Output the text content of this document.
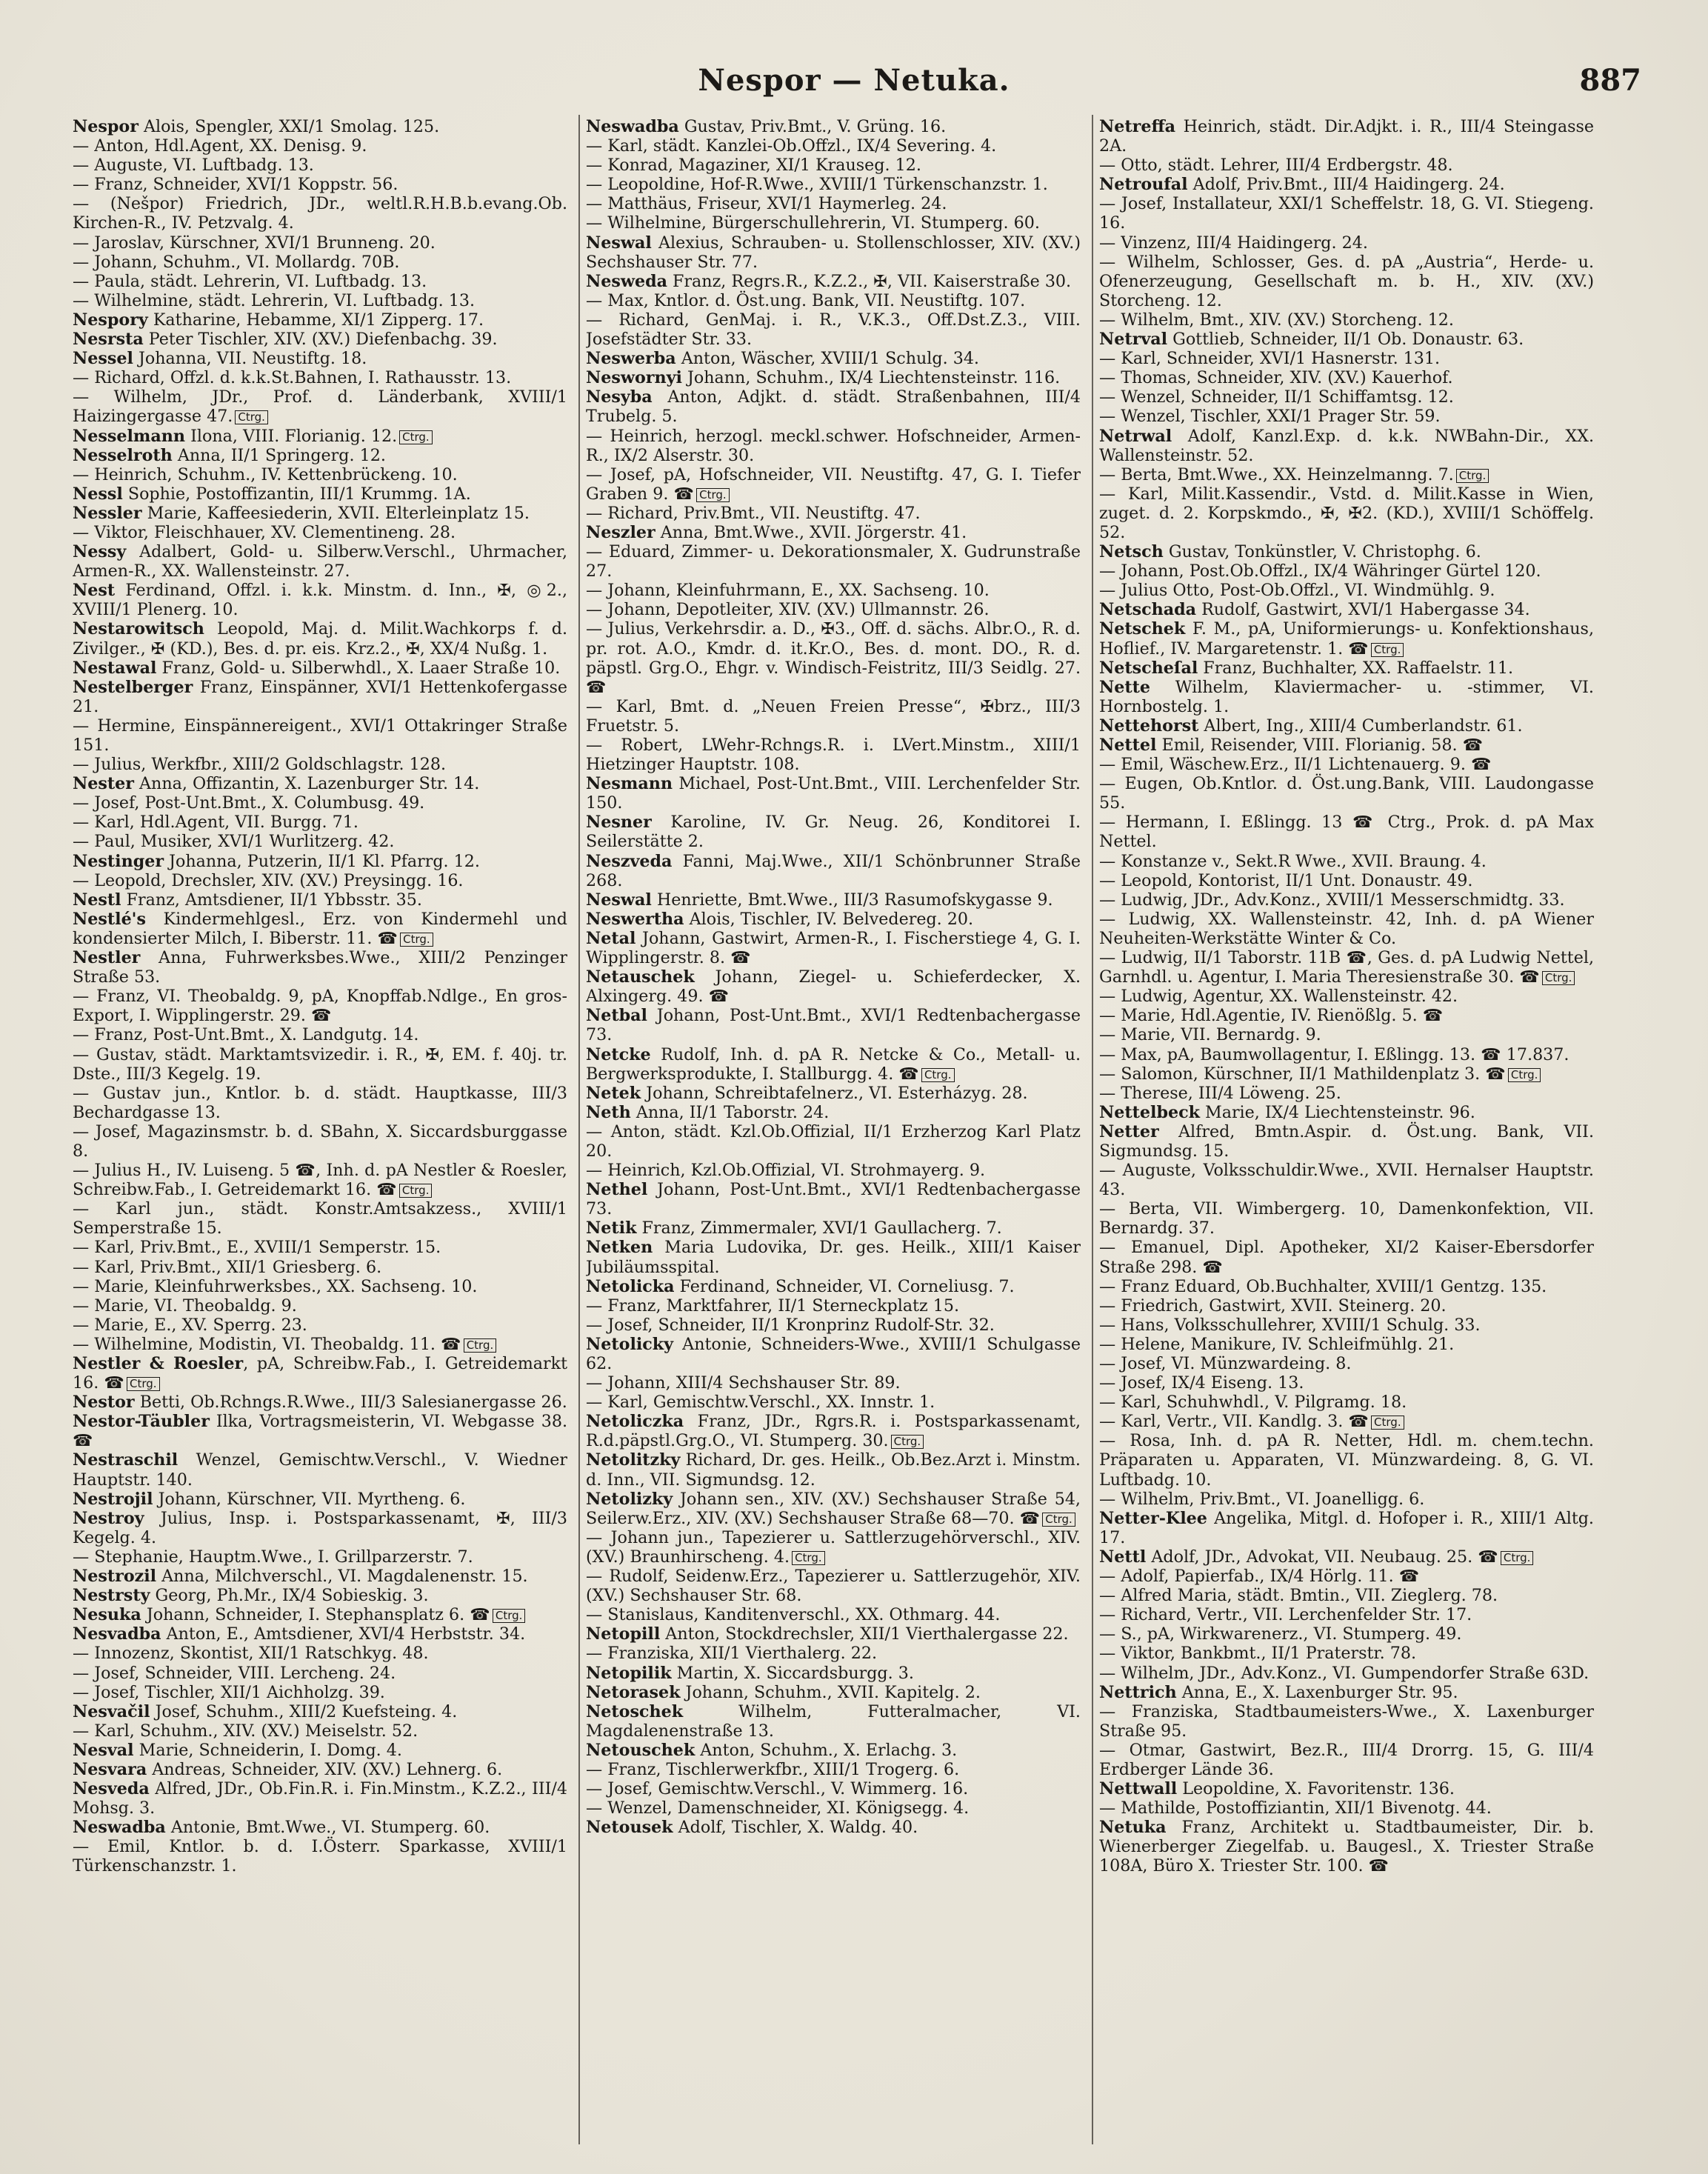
Nespor — Netuka.	887

Nespor Alois, Spengler, XXI/1 Smolag. 125.

— Anton, Hdl.Agent, XX. Denisg. 9.

— Auguste, VI. Luftbadg. 13.

— Franz, Schneider, XVI/1 Koppstr. 56.

— (Nešpor) Friedrich, JDr., weltl.R.H.B.b.evang.Ob. Kirchen-R., IV. Petzvalg. 4.

— Jaroslav, Kürschner, XVI/1 Brunneng. 20.

— Johann, Schuhm., VI. Mollardg. 70B.

— Paula, städt. Lehrerin, VI. Luftbadg. 13.

— Wilhelmine, städt. Lehrerin, VI. Luftbadg. 13.

Nespory Katharine, Hebamme, XI/1 Zipperg. 17.

Nesrsta Peter Tischler, XIV. (XV.) Diefenbachg. 39.

Nessel Johanna, VII. Neustiftg. 18.

— Richard, Offzl. d. k.k.St.Bahnen, I. Rathausstr. 13.

— Wilhelm, JDr., Prof. d. Länderbank, XVIII/1 Haizingergasse 47. Ctrg.

Nesselmann Ilona, VIII. Florianig. 12. Ctrg.

Nesselroth Anna, II/1 Springerg. 12.

— Heinrich, Schuhm., IV. Kettenbrückeng. 10.

Nessl Sophie, Postoffizantin, III/1 Krummg. 1A.

Nessler Marie, Kaffeesiederin, XVII. Elterleinplatz 15.

— Viktor, Fleischhauer, XV. Clementineng. 28.

Nessy Adalbert, Gold- u. Silberw.Verschl., Uhrmacher, Armen-R., XX. Wallensteinstr. 27.

Nest Ferdinand, Offzl. i. k.k. Minstm. d. Inn., ✠, ◎2., XVIII/1 Plenerg. 10.

Nestarowitsch Leopold, Maj. d. Milit.Wachkorps f. d. Zivilger., ✠ (KD.), Bes. d. pr. eis. Krz.2., ✠, XX/4 Nußg. 1.

Nestawal Franz, Gold- u. Silberwhdl., X. Laaer Straße 10.

Nestelberger Franz, Einspänner, XVI/1 Hettenkofergasse 21.

— Hermine, Einspännereigent., XVI/1 Ottakringer Straße 151.

— Julius, Werkfbr., XIII/2 Goldschlagstr. 128.

Nester Anna, Offizantin, X. Lazenburger Str. 14.

— Josef, Post-Unt.Bmt., X. Columbusg. 49.

— Karl, Hdl.Agent, VII. Burgg. 71.

— Paul, Musiker, XVI/1 Wurlitzerg. 42.

Nestinger Johanna, Putzerin, II/1 Kl. Pfarrg. 12.

— Leopold, Drechsler, XIV. (XV.) Preysingg. 16.

Nestl Franz, Amtsdiener, II/1 Ybbsstr. 35.

Nestlé's Kindermehlgesl., Erz. von Kindermehl und kondensierter Milch, I. Biberstr. 11. ☎ Ctrg.

Nestler Anna, Fuhrwerksbes.Wwe., XIII/2 Penzinger Straße 53.

— Franz, VI. Theobaldg. 9, pA, Knopffab.Ndlge., En gros-Export, I. Wipplingerstr. 29. ☎

— Franz, Post-Unt.Bmt., X. Landgutg. 14.

— Gustav, städt. Marktamtsvizedir. i. R., ✠, EM. f. 40j. tr. Dste., III/3 Kegelg. 19.

— Gustav jun., Kntlor. b. d. städt. Hauptkasse, III/3 Bechardgasse 13.

— Josef, Magazinsmstr. b. d. SBahn, X. Siccardsburggasse 8.

— Julius H., IV. Luiseng. 5 ☎, Inh. d. pA Nestler & Roesler, Schreibw.Fab., I. Getreidemarkt 16. ☎ Ctrg.

— Karl jun., städt. Konstr.Amtsakzess., XVIII/1 Semperstraße 15.

— Karl, Priv.Bmt., E., XVIII/1 Semperstr. 15.

— Karl, Priv.Bmt., XII/1 Griesberg. 6.

— Marie, Kleinfuhrwerksbes., XX. Sachseng. 10.

— Marie, VI. Theobaldg. 9.

— Marie, E., XV. Sperrg. 23.

— Wilhelmine, Modistin, VI. Theobaldg. 11. ☎ Ctrg.

Nestler & Roesler, pA, Schreibw.Fab., I. Getreidemarkt 16. ☎ Ctrg.

Nestor Betti, Ob.Rchngs.R.Wwe., III/3 Salesianergasse 26.

Nestor-Täubler Ilka, Vortragsmeisterin, VI. Webgasse 38. ☎

Nestraschil Wenzel, Gemischtw.Verschl., V. Wiedner Hauptstr. 140.

Nestrojil Johann, Kürschner, VII. Myrtheng. 6.

Nestroy Julius, Insp. i. Postsparkassenamt, ✠, III/3 Kegelg. 4.

— Stephanie, Hauptm.Wwe., I. Grillparzerstr. 7.

Nestrozil Anna, Milchverschl., VI. Magdalenenstr. 15.

Nestrsty Georg, Ph.Mr., IX/4 Sobieskig. 3.

Nesuka Johann, Schneider, I. Stephansplatz 6. ☎ Ctrg.

Nesvadba Anton, E., Amtsdiener, XVI/4 Herbststr. 34.

— Innozenz, Skontist, XII/1 Ratschkyg. 48.

— Josef, Schneider, VIII. Lercheng. 24.

— Josef, Tischler, XII/1 Aichholzg. 39.

Nesvačil Josef, Schuhm., XIII/2 Kuefsteing. 4.

— Karl, Schuhm., XIV. (XV.) Meiselstr. 52.

Nesval Marie, Schneiderin, I. Domg. 4.

Nesvara Andreas, Schneider, XIV. (XV.) Lehnerg. 6.

Nesveda Alfred, JDr., Ob.Fin.R. i. Fin.Minstm., K.Z.2., III/4 Mohsg. 3.

Neswadba Antonie, Bmt.Wwe., VI. Stumperg. 60.

— Emil, Kntlor. b. d. I.Österr. Sparkasse, XVIII/1 Türkenschanzstr. 1.

Neswadba Gustav, Priv.Bmt., V. Grüng. 16.

— Karl, städt. Kanzlei-Ob.Offzl., IX/4 Severing. 4.

— Konrad, Magaziner, XI/1 Krauseg. 12.

— Leopoldine, Hof-R.Wwe., XVIII/1 Türkenschanzstr. 1.

— Matthäus, Friseur, XVI/1 Haymerleg. 24.

— Wilhelmine, Bürgerschullehrerin, VI. Stumperg. 60.

Neswal Alexius, Schrauben- u. Stollenschlosser, XIV. (XV.) Sechshauser Str. 77.

Nesweda Franz, Regrs.R., K.Z.2., ✠, VII. Kaiserstraße 30.

— Max, Kntlor. d. Öst.ung. Bank, VII. Neustiftg. 107.

— Richard, GenMaj. i. R., V.K.3., Off.Dst.Z.3., VIII. Josefstädter Str. 33.

Neswerba Anton, Wäscher, XVIII/1 Schulg. 34.

Neswornyi Johann, Schuhm., IX/4 Liechtensteinstr. 116.

Nesyba Anton, Adjkt. d. städt. Straßenbahnen, III/4 Trubelg. 5.

— Heinrich, herzogl. meckl.schwer. Hofschneider, Armen-R., IX/2 Alserstr. 30.

— Josef, pA, Hofschneider, VII. Neustiftg. 47, G. I. Tiefer Graben 9. ☎ Ctrg.

— Richard, Priv.Bmt., VII. Neustiftg. 47.

Neszler Anna, Bmt.Wwe., XVII. Jörgerstr. 41.

— Eduard, Zimmer- u. Dekorationsmaler, X. Gudrunstraße 27.

— Johann, Kleinfuhrmann, E., XX. Sachseng. 10.

— Johann, Depotleiter, XIV. (XV.) Ullmannstr. 26.

— Julius, Verkehrsdir. a. D., ✠3., Off. d. sächs. Albr.O., R. d. pr. rot. A.O., Kmdr. d. it.Kr.O., Bes. d. mont. DO., R. d. päpstl. Grg.O., Ehgr. v. Windisch-Feistritz, III/3 Seidlg. 27. ☎

— Karl, Bmt. d. „Neuen Freien Presse“, ✠brz., III/3 Fruetstr. 5.

— Robert, LWehr-Rchngs.R. i. LVert.Minstm., XIII/1 Hietzinger Hauptstr. 108.

Nesmann Michael, Post-Unt.Bmt., VIII. Lerchenfelder Str. 150.

Nesner Karoline, IV. Gr. Neug. 26, Konditorei I. Seilerstätte 2.

Neszveda Fanni, Maj.Wwe., XII/1 Schönbrunner Straße 268.

Neswal Henriette, Bmt.Wwe., III/3 Rasumofskygasse 9.

Neswertha Alois, Tischler, IV. Belvedereg. 20.

Netal Johann, Gastwirt, Armen-R., I. Fischerstiege 4, G. I. Wipplingerstr. 8. ☎

Netauschek Johann, Ziegel- u. Schieferdecker, X. Alxingerg. 49. ☎

Netbal Johann, Post-Unt.Bmt., XVI/1 Redtenbachergasse 73.

Netcke Rudolf, Inh. d. pA R. Netcke & Co., Metall- u. Bergwerksprodukte, I. Stallburgg. 4. ☎ Ctrg.

Netek Johann, Schreibtafelnerz., VI. Esterházyg. 28.

Neth Anna, II/1 Taborstr. 24.

— Anton, städt. Kzl.Ob.Offizial, II/1 Erzherzog Karl Platz 20.

— Heinrich, Kzl.Ob.Offizial, VI. Strohmayerg. 9.

Nethel Johann, Post-Unt.Bmt., XVI/1 Redtenbachergasse 73.

Netik Franz, Zimmermaler, XVI/1 Gaullacherg. 7.

Netken Maria Ludovika, Dr. ges. Heilk., XIII/1 Kaiser Jubiläumsspital.

Netolicka Ferdinand, Schneider, VI. Corneliusg. 7.

— Franz, Marktfahrer, II/1 Sterneckplatz 15.

— Josef, Schneider, II/1 Kronprinz Rudolf-Str. 32.

Netolicky Antonie, Schneiders-Wwe., XVIII/1 Schulgasse 62.

— Johann, XIII/4 Sechshauser Str. 89.

— Karl, Gemischtw.Verschl., XX. Innstr. 1.

Netoliczka Franz, JDr., Rgrs.R. i. Postsparkassenamt, R.d.päpstl.Grg.O., VI. Stumperg. 30. Ctrg.

Netolitzky Richard, Dr. ges. Heilk., Ob.Bez.Arzt i. Minstm. d. Inn., VII. Sigmundsg. 12.

Netolizky Johann sen., XIV. (XV.) Sechshauser Straße 54, Seilerw.Erz., XIV. (XV.) Sechshauser Straße 68—70. ☎ Ctrg.

— Johann jun., Tapezierer u. Sattlerzugehörverschl., XIV. (XV.) Braunhirscheng. 4. Ctrg.

— Rudolf, Seidenw.Erz., Tapezierer u. Sattlerzugehör, XIV. (XV.) Sechshauser Str. 68.

— Stanislaus, Kanditenverschl., XX. Othmarg. 44.

Netopill Anton, Stockdrechsler, XII/1 Vierthalergasse 22.

— Franziska, XII/1 Vierthalerg. 22.

Netopilik Martin, X. Siccardsburgg. 3.

Netorasek Johann, Schuhm., XVII. Kapitelg. 2.

Netoschek Wilhelm, Futteralmacher, VI. Magdalenenstraße 13.

Netouschek Anton, Schuhm., X. Erlachg. 3.

— Franz, Tischlerwerkfbr., XIII/1 Trogerg. 6.

— Josef, Gemischtw.Verschl., V. Wimmerg. 16.

— Wenzel, Damenschneider, XI. Königsegg. 4.

Netousek Adolf, Tischler, X. Waldg. 40.

Netreffa Heinrich, städt. Dir.Adjkt. i. R., III/4 Steingasse 2A.

— Otto, städt. Lehrer, III/4 Erdbergstr. 48.

Netroufal Adolf, Priv.Bmt., III/4 Haidingerg. 24.

— Josef, Installateur, XXI/1 Scheffelstr. 18, G. VI. Stiegeng. 16.

— Vinzenz, III/4 Haidingerg. 24.

— Wilhelm, Schlosser, Ges. d. pA „Austria“, Herde- u. Ofenerzeugung, Gesellschaft m. b. H., XIV. (XV.) Storcheng. 12.

— Wilhelm, Bmt., XIV. (XV.) Storcheng. 12.

Netrval Gottlieb, Schneider, II/1 Ob. Donaustr. 63.

— Karl, Schneider, XVI/1 Hasnerstr. 131.

— Thomas, Schneider, XIV. (XV.) Kauerhof.

— Wenzel, Schneider, II/1 Schiffamtsg. 12.

— Wenzel, Tischler, XXI/1 Prager Str. 59.

Netrwal Adolf, Kanzl.Exp. d. k.k. NWBahn-Dir., XX. Wallensteinstr. 52.

— Berta, Bmt.Wwe., XX. Heinzelmanng. 7. Ctrg.

— Karl, Milit.Kassendir., Vstd. d. Milit.Kasse in Wien, zuget. d. 2. Korpskmdo., ✠, ✠2. (KD.), XVIII/1 Schöffelg. 52.

Netsch Gustav, Tonkünstler, V. Christophg. 6.

— Johann, Post.Ob.Offzl., IX/4 Währinger Gürtel 120.

— Julius Otto, Post-Ob.Offzl., VI. Windmühlg. 9.

Netschada Rudolf, Gastwirt, XVI/1 Habergasse 34.

Netschek F. M., pA, Uniformierungs- u. Konfektionshaus, Hoflief., IV. Margaretenstr. 1. ☎ Ctrg.

Netscheſal Franz, Buchhalter, XX. Raffaelstr. 11.

Nette Wilhelm, Klaviermacher- u. -stimmer, VI. Hornbostelg. 1.

Nettehorst Albert, Ing., XIII/4 Cumberlandstr. 61.

Nettel Emil, Reisender, VIII. Florianig. 58. ☎

— Emil, Wäschew.Erz., II/1 Lichtenauerg. 9. ☎

— Eugen, Ob.Kntlor. d. Öst.ung.Bank, VIII. Laudongasse 55.

— Hermann, I. Eßlingg. 13 ☎ Ctrg., Prok. d. pA Max Nettel.

— Konstanze v., Sekt.R Wwe., XVII. Braung. 4.

— Leopold, Kontorist, II/1 Unt. Donaustr. 49.

— Ludwig, JDr., Adv.Konz., XVIII/1 Messerschmidtg. 33.

— Ludwig, XX. Wallensteinstr. 42, Inh. d. pA Wiener Neuheiten-Werkstätte Winter & Co.

— Ludwig, II/1 Taborstr. 11B ☎, Ges. d. pA Ludwig Nettel, Garnhdl. u. Agentur, I. Maria Theresienstraße 30. ☎ Ctrg.

— Ludwig, Agentur, XX. Wallensteinstr. 42.

— Marie, Hdl.Agentie, IV. Rienößlg. 5. ☎

— Marie, VII. Bernardg. 9.

— Max, pA, Baumwollagentur, I. Eßlingg. 13. ☎ 17.837.

— Salomon, Kürschner, II/1 Mathildenplatz 3. ☎ Ctrg.

— Therese, III/4 Löweng. 25.

Nettelbeck Marie, IX/4 Liechtensteinstr. 96.

Netter Alfred, Bmtn.Aspir. d. Öst.ung. Bank, VII. Sigmundsg. 15.

— Auguste, Volksschuldir.Wwe., XVII. Hernalser Hauptstr. 43.

— Berta, VII. Wimbergerg. 10, Damenkonfektion, VII. Bernardg. 37.

— Emanuel, Dipl. Apotheker, XI/2 Kaiser-Ebersdorfer Straße 298. ☎

— Franz Eduard, Ob.Buchhalter, XVIII/1 Gentzg. 135.

— Friedrich, Gastwirt, XVII. Steinerg. 20.

— Hans, Volksschullehrer, XVIII/1 Schulg. 33.

— Helene, Manikure, IV. Schleifmühlg. 21.

— Josef, VI. Münzwardeing. 8.

— Josef, IX/4 Eiseng. 13.

— Karl, Schuhwhdl., V. Pilgramg. 18.

— Karl, Vertr., VII. Kandlg. 3. ☎ Ctrg.

— Rosa, Inh. d. pA R. Netter, Hdl. m. chem.techn. Präparaten u. Apparaten, VI. Münzwardeing. 8, G. VI. Luftbadg. 10.

— Wilhelm, Priv.Bmt., VI. Joanelligg. 6.

Netter-Klee Angelika, Mitgl. d. Hofoper i. R., XIII/1 Altg. 17.

Nettl Adolf, JDr., Advokat, VII. Neubaug. 25. ☎ Ctrg.

— Adolf, Papierfab., IX/4 Hörlg. 11. ☎

— Alfred Maria, städt. Bmtin., VII. Zieglerg. 78.

— Richard, Vertr., VII. Lerchenfelder Str. 17.

— S., pA, Wirkwarenerz., VI. Stumperg. 49.

— Viktor, Bankbmt., II/1 Praterstr. 78.

— Wilhelm, JDr., Adv.Konz., VI. Gumpendorfer Straße 63D.

Nettrich Anna, E., X. Laxenburger Str. 95.

— Franziska, Stadtbaumeisters-Wwe., X. Laxenburger Straße 95.

— Otmar, Gastwirt, Bez.R., III/4 Drorrg. 15, G. III/4 Erdberger Lände 36.

Nettwall Leopoldine, X. Favoritenstr. 136.

— Mathilde, Postoffiziantin, XII/1 Bivenotg. 44.

Netuka Franz, Architekt u. Stadtbaumeister, Dir. b. Wienerberger Ziegelfab. u. Baugesl., X. Triester Straße 108A, Büro X. Triester Str. 100. ☎
